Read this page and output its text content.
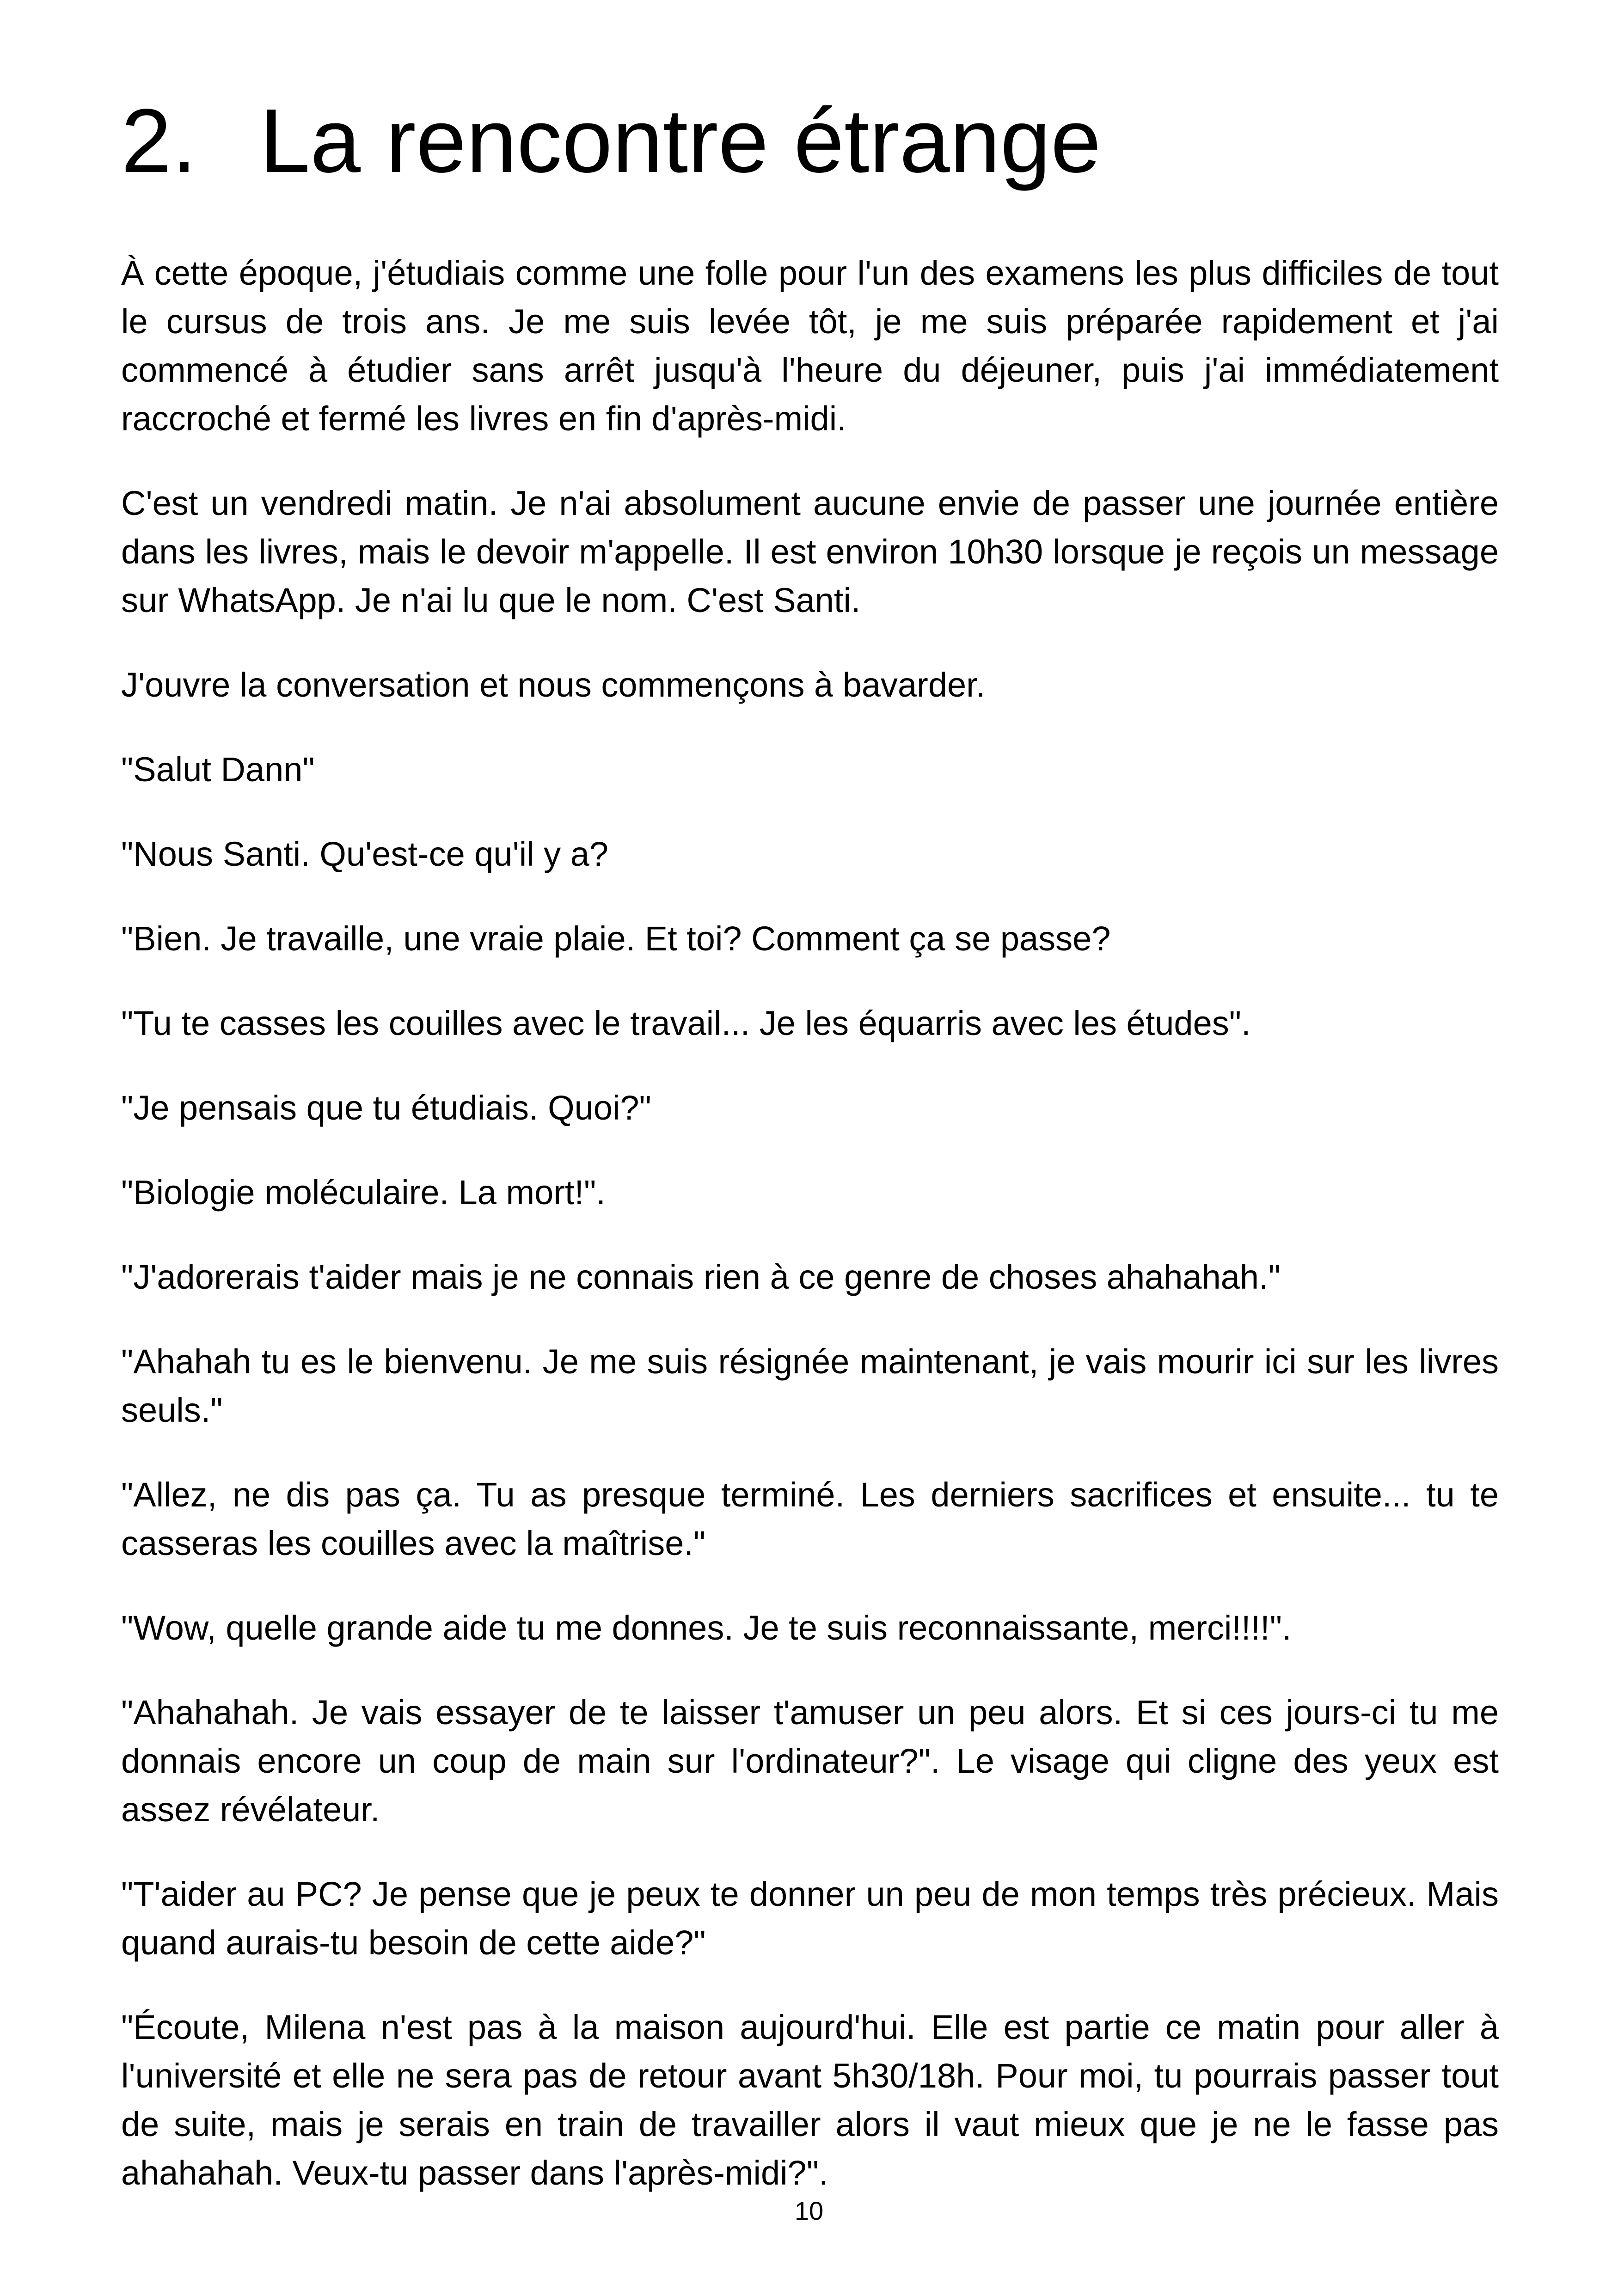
2. La rencontre étrange

À cette époque, j'étudiais comme une folle pour l'un des examens les plus difficiles de tout le cursus de trois ans. Je me suis levée tôt, je me suis préparée rapidement et j'ai commencé à étudier sans arrêt jusqu'à l'heure du déjeuner, puis j'ai immédiatement raccroché et fermé les livres en fin d'après-midi.

C'est un vendredi matin. Je n'ai absolument aucune envie de passer une journée entière dans les livres, mais le devoir m'appelle. Il est environ 10h30 lorsque je reçois un message sur WhatsApp. Je n'ai lu que le nom. C'est Santi.

J'ouvre la conversation et nous commençons à bavarder.

"Salut Dann"

"Nous Santi. Qu'est-ce qu'il y a?

"Bien. Je travaille, une vraie plaie. Et toi? Comment ça se passe?

"Tu te casses les couilles avec le travail... Je les équarris avec les études".

"Je pensais que tu étudiais. Quoi?"

"Biologie moléculaire. La mort!".

"J'adorerais t'aider mais je ne connais rien à ce genre de choses ahahahah."

"Ahahah tu es le bienvenu. Je me suis résignée maintenant, je vais mourir ici sur les livres seuls."

"Allez, ne dis pas ça. Tu as presque terminé. Les derniers sacrifices et ensuite... tu te casseras les couilles avec la maîtrise."

"Wow, quelle grande aide tu me donnes. Je te suis reconnaissante, merci!!!!".

"Ahahahah. Je vais essayer de te laisser t'amuser un peu alors. Et si ces jours-ci tu me donnais encore un coup de main sur l'ordinateur?". Le visage qui cligne des yeux est assez révélateur.

"T'aider au PC? Je pense que je peux te donner un peu de mon temps très précieux. Mais quand aurais-tu besoin de cette aide?"

"Écoute, Milena n'est pas à la maison aujourd'hui. Elle est partie ce matin pour aller à l'université et elle ne sera pas de retour avant 5h30/18h. Pour moi, tu pourrais passer tout de suite, mais je serais en train de travailler alors il vaut mieux que je ne le fasse pas ahahahah. Veux-tu passer dans l'après-midi?".

10
